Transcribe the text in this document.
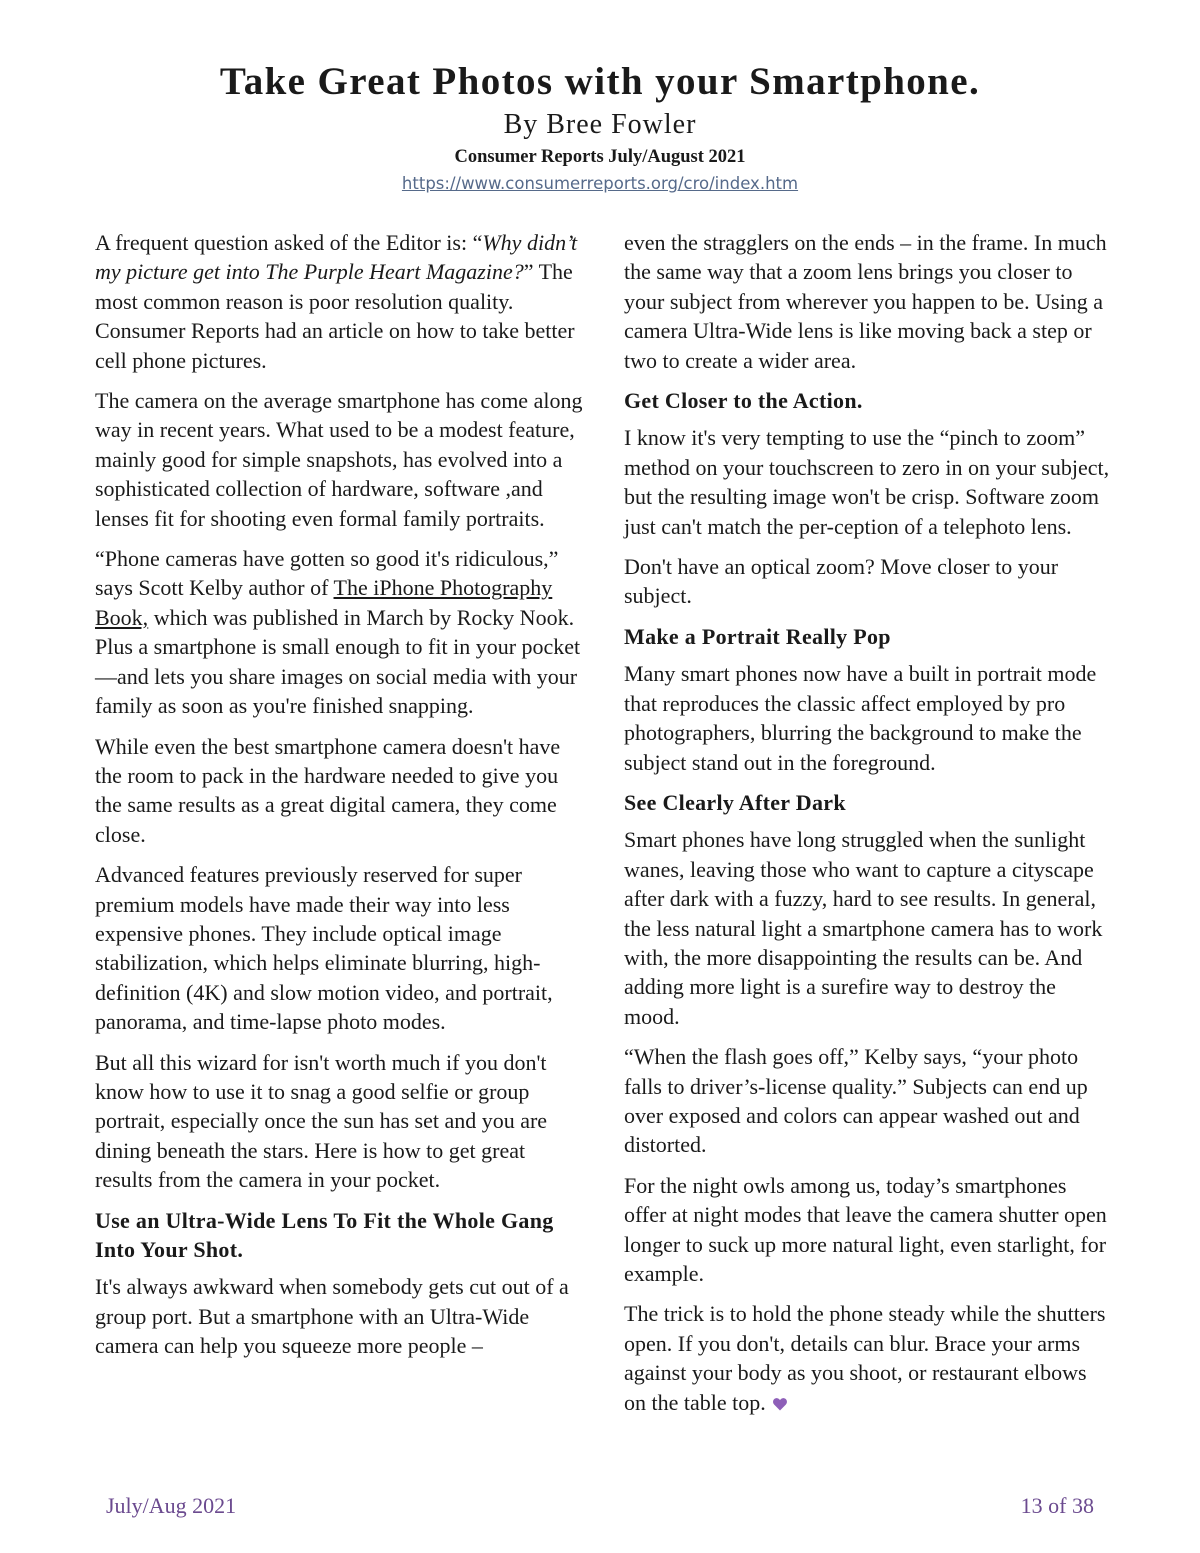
Take Great Photos with your Smartphone.
By Bree Fowler
Consumer Reports July/August 2021
https://www.consumerreports.org/cro/index.htm

A frequent question asked of the Editor is: “Why didn’t my picture get into The Purple Heart Magazine?” The most common reason is poor resolution quality. Consumer Reports had an article on how to take better cell phone pictures.

The camera on the average smartphone has come along way in recent years. What used to be a modest feature, mainly good for simple snapshots, has evolved into a sophisticated collection of hardware, software ,and lenses fit for shooting even formal family portraits.

“Phone cameras have gotten so good it's ridiculous,” says Scott Kelby author of The iPhone Photography Book, which was published in March by Rocky Nook. Plus a smartphone is small enough to fit in your pocket—and lets you share images on social media with your family as soon as you're finished snapping.

While even the best smartphone camera doesn't have the room to pack in the hardware needed to give you the same results as a great digital camera, they come close.

Advanced features previously reserved for super premium models have made their way into less expensive phones. They include optical image stabilization, which helps eliminate blurring, high-definition (4K) and slow motion video, and portrait, panorama, and time-lapse photo modes.

But all this wizard for isn't worth much if you don't know how to use it to snag a good selfie or group portrait, especially once the sun has set and you are dining beneath the stars. Here is how to get great results from the camera in your pocket.

Use an Ultra-Wide Lens To Fit the Whole Gang Into Your Shot.

It's always awkward when somebody gets cut out of a group port. But a smartphone with an Ultra-Wide camera can help you squeeze more people –

even the stragglers on the ends – in the frame. In much the same way that a zoom lens brings you closer to your subject from wherever you happen to be. Using a camera Ultra-Wide lens is like moving back a step or two to create a wider area.

Get Closer to the Action.

I know it's very tempting to use the “pinch to zoom” method on your touchscreen to zero in on your subject, but the resulting image won't be crisp. Software zoom just can't match the per-ception of a telephoto lens.

Don't have an optical zoom? Move closer to your subject.

Make a Portrait Really Pop

Many smart phones now have a built in portrait mode that reproduces the classic affect employed by pro photographers, blurring the background to make the subject stand out in the foreground.

See Clearly After Dark

Smart phones have long struggled when the sunlight wanes, leaving those who want to capture a cityscape after dark with a fuzzy, hard to see results. In general, the less natural light a smartphone camera has to work with, the more disappointing the results can be. And adding more light is a surefire way to destroy the mood.

“When the flash goes off,” Kelby says, “your photo falls to driver’s-license quality.” Subjects can end up over exposed and colors can appear washed out and distorted.

For the night owls among us, today’s smartphones offer at night modes that leave the camera shutter open longer to suck up more natural light, even starlight, for example.

The trick is to hold the phone steady while the shutters open. If you don't, details can blur. Brace your arms against your body as you shoot, or restaurant elbows on the table top.

July/Aug 2021	13 of 38
